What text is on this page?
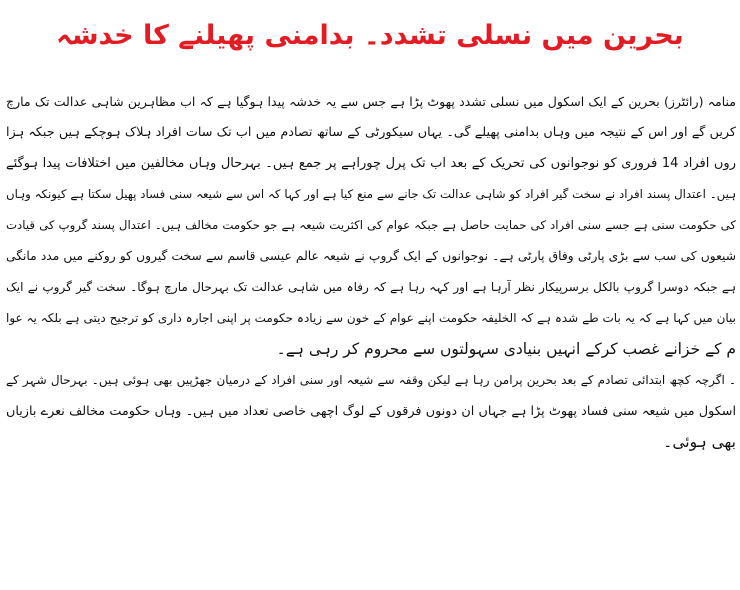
بحرین میں نسلی تشدد۔ بدامنی پھیلنے کا خدشہ
منامہ (رائٹرز) بحرین کے ایک اسکول میں نسلی تشدد پھوٹ پڑا ہے جس سے یہ خدشہ پیدا ہوگیا ہے کہ اب مظاہرین شاہی عدالت تک مارچ
کریں گے اور اس کے نتیجہ میں وہاں بدامنی پھیلے گی۔ یہاں سیکورٹی کے ساتھ تصادم میں اب تک سات افراد ہلاک ہوچکے ہیں جبکہ ہزا
روں افراد 14 فروری کو نوجوانوں کی تحریک کے بعد اب تک پرل چوراہے پر جمع ہیں۔ بہرحال وہاں مخالفین میں اختلافات پیدا ہوگئے
ہیں۔ اعتدال پسند افراد نے سخت گیر افراد کو شاہی عدالت تک جانے سے منع کیا ہے اور کہا کہ اس سے شیعہ سنی فساد پھیل سکتا ہے کیونکہ وہاں
کی حکومت سنی ہے جسے سنی افراد کی حمایت حاصل ہے جبکہ عوام کی اکثریت شیعہ ہے جو حکومت مخالف ہیں۔ اعتدال پسند گروپ کی قیادت
شیعوں کی سب سے بڑی پارٹی وفاق پارٹی ہے۔ نوجوانوں کے ایک گروپ نے شیعہ عالم عیسی قاسم سے سخت گیروں کو روکنے میں مدد مانگی
ہے جبکہ دوسرا گروپ بالکل برسرپیکار نظر آرہا ہے اور کہہ رہا ہے کہ رفاہ میں شاہی عدالت تک بہرحال مارچ ہوگا۔ سخت گیر گروپ نے ایک
بیان میں کہا ہے کہ یہ بات طے شدہ ہے کہ الخلیفہ حکومت اپنے عوام کے خون سے زیادہ حکومت پر اپنی اجارہ داری کو ترجیح دیتی ہے بلکہ یہ عوا
م کے خزانے غصب کرکے انہیں بنیادی سہولتوں سے محروم کر رہی ہے۔
۔ اگرچہ کچھ ابتدائی تصادم کے بعد بحرین پرامن رہا ہے لیکن وقفہ سے شیعہ اور سنی افراد کے درمیان جھڑپیں بھی ہوئی ہیں۔ بہرحال شہر کے
اسکول میں شیعہ سنی فساد پھوٹ پڑا ہے جہاں ان دونوں فرقوں کے لوگ اچھی خاصی تعداد میں ہیں۔ وہاں حکومت مخالف نعرے بازیاں
بھی ہوئی۔
